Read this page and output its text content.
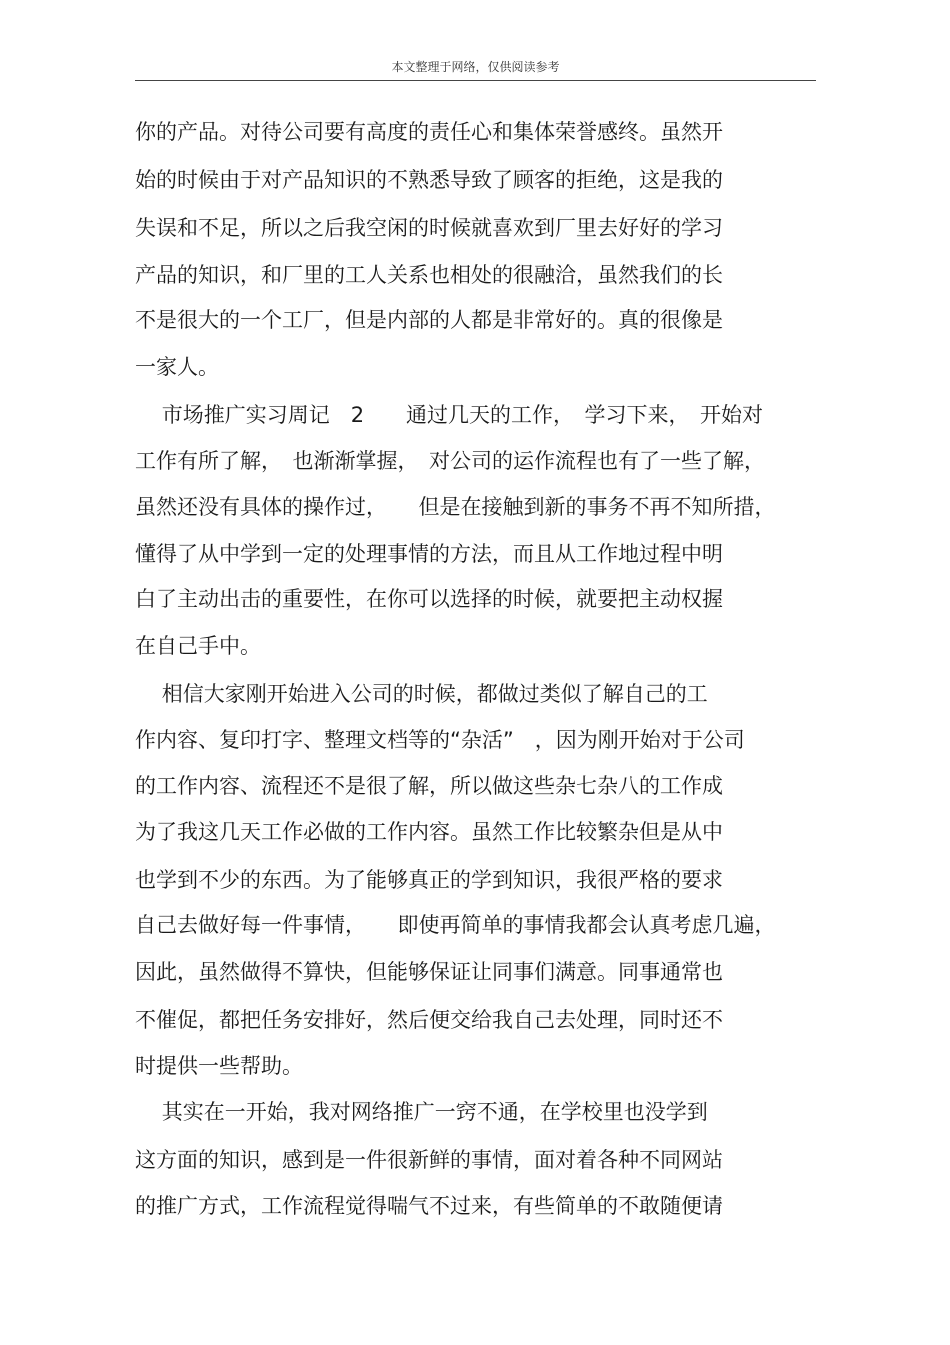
本文整理于网络，仅供阅读参考
你的产品。对待公司要有高度的责任心和集体荣誉感终。虽然开
始的时候由于对产品知识的不熟悉导致了顾客的拒绝，这是我的
失误和不足，所以之后我空闲的时候就喜欢到厂里去好好的学习
产品的知识，和厂里的工人关系也相处的很融洽，虽然我们的长
不是很大的一个工厂，但是内部的人都是非常好的。真的很像是
一家人。
市场推广实习周记　2　　通过几天的工作，　学习下来，　开始对
工作有所了解，　也渐渐掌握，　对公司的运作流程也有了一些了解，
虽然还没有具体的操作过，　　但是在接触到新的事务不再不知所措，
懂得了从中学到一定的处理事情的方法，而且从工作地过程中明
白了主动出击的重要性，在你可以选择的时候，就要把主动权握
在自己手中。
相信大家刚开始进入公司的时候，都做过类似了解自己的工
作内容、复印打字、整理文档等的“杂活”　，因为刚开始对于公司
的工作内容、流程还不是很了解，所以做这些杂七杂八的工作成
为了我这几天工作必做的工作内容。虽然工作比较繁杂但是从中
也学到不少的东西。为了能够真正的学到知识，我很严格的要求
自己去做好每一件事情，　　即使再简单的事情我都会认真考虑几遍，
因此，虽然做得不算快，但能够保证让同事们满意。同事通常也
不催促，都把任务安排好，然后便交给我自己去处理，同时还不
时提供一些帮助。
其实在一开始，我对网络推广一窍不通，在学校里也没学到
这方面的知识，感到是一件很新鲜的事情，面对着各种不同网站
的推广方式，工作流程觉得喘气不过来，有些简单的不敢随便请
